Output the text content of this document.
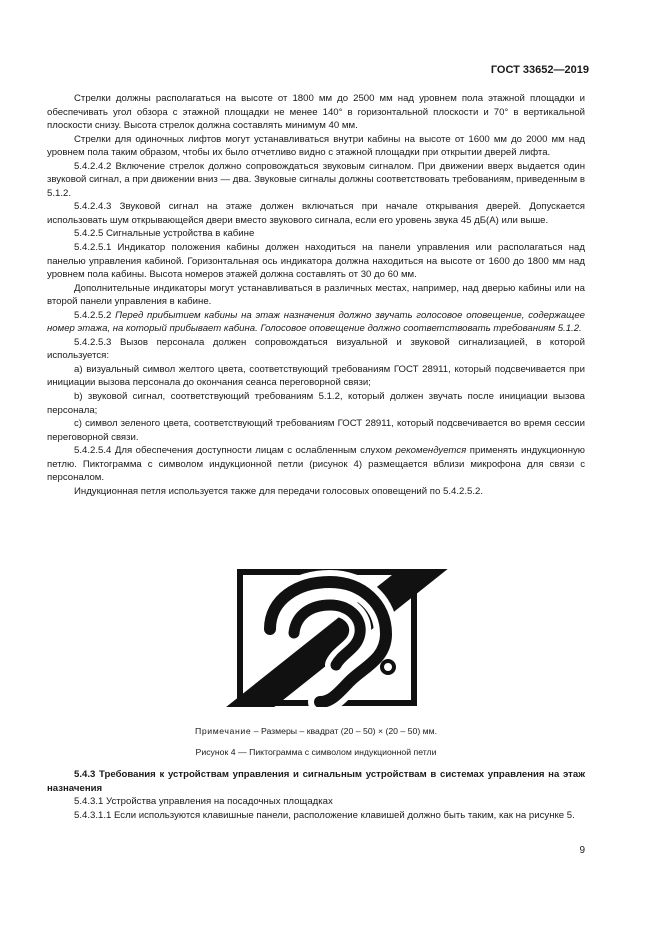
ГОСТ 33652—2019

Стрелки должны располагаться на высоте от 1800 мм до 2500 мм над уровнем пола этажной площадки и обеспечивать угол обзора с этажной площадки не менее 140° в горизонтальной плоскости и 70° в вертикальной плоскости снизу. Высота стрелок должна составлять минимум 40 мм.

Стрелки для одиночных лифтов могут устанавливаться внутри кабины на высоте от 1600 мм до 2000 мм над уровнем пола таким образом, чтобы их было отчетливо видно с этажной площадки при открытии дверей лифта.

5.4.2.4.2 Включение стрелок должно сопровождаться звуковым сигналом. При движении вверх выдается один звуковой сигнал, а при движении вниз — два. Звуковые сигналы должны соответствовать требованиям, приведенным в 5.1.2.

5.4.2.4.3 Звуковой сигнал на этаже должен включаться при начале открывания дверей. Допускается использовать шум открывающейся двери вместо звукового сигнала, если его уровень звука 45 дБ(А) или выше.

5.4.2.5 Сигнальные устройства в кабине

5.4.2.5.1 Индикатор положения кабины должен находиться на панели управления или располагаться над панелью управления кабиной. Горизонтальная ось индикатора должна находиться на высоте от 1600 до 1800 мм над уровнем пола кабины. Высота номеров этажей должна составлять от 30 до 60 мм.

Дополнительные индикаторы могут устанавливаться в различных местах, например, над дверью кабины или на второй панели управления в кабине.

5.4.2.5.2 Перед прибытием кабины на этаж назначения должно звучать голосовое оповещение, содержащее номер этажа, на который прибывает кабина. Голосовое оповещение должно соответствовать требованиям 5.1.2.

5.4.2.5.3 Вызов персонала должен сопровождаться визуальной и звуковой сигнализацией, в которой используется:

a) визуальный символ желтого цвета, соответствующий требованиям ГОСТ 28911, который подсвечивается при инициации вызова персонала до окончания сеанса переговорной связи;

b) звуковой сигнал, соответствующий требованиям 5.1.2, который должен звучать после инициации вызова персонала;

c) символ зеленого цвета, соответствующий требованиям ГОСТ 28911, который подсвечивается во время сессии переговорной связи.

5.4.2.5.4 Для обеспечения доступности лицам с ослабленным слухом рекомендуется применять индукционную петлю. Пиктограмма с символом индукционной петли (рисунок 4) размещается вблизи микрофона для связи с персоналом.

Индукционная петля используется также для передачи голосовых оповещений по 5.4.2.5.2.

Примечание – Размеры – квадрат (20 – 50) × (20 – 50) мм.
Рисунок 4 — Пиктограмма с символом индукционной петли

5.4.3 Требования к устройствам управления и сигнальным устройствам в системах управления на этаж назначения

5.4.3.1 Устройства управления на посадочных площадках

5.4.3.1.1 Если используются клавишные панели, расположение клавишей должно быть таким, как на рисунке 5.

9
